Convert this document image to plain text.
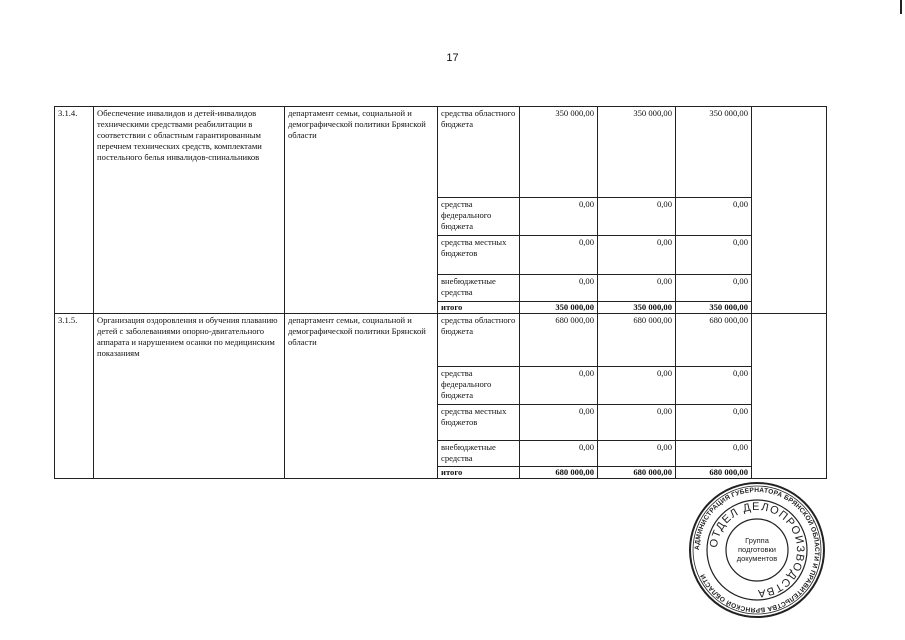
17
3.1.4.	Обеспечение инвалидов и детей-инвалидов техническими средствами реабилитации в соответствии с областным гарантированным перечнем технических средств, комплектами постельного белья инвалидов-спинальников	департамент семьи, социальной и демографической политики Брянской области	средства областного бюджета	350 000,00	350 000,00	350 000,00	
			средства федерального бюджета	0,00	0,00	0,00	
			средства местных бюджетов	0,00	0,00	0,00	
			внебюджетные средства	0,00	0,00	0,00	
			итого	350 000,00	350 000,00	350 000,00	
3.1.5.	Организация оздоровления и обучения плаванию детей с заболеваниями опорно-двигательного аппарата и нарушением осанки по медицинским показаниям	департамент семьи, социальной и демографической политики Брянской области	средства областного бюджета	680 000,00	680 000,00	680 000,00	
			средства федерального бюджета	0,00	0,00	0,00	
			средства местных бюджетов	0,00	0,00	0,00	
			внебюджетные средства	0,00	0,00	0,00	
			итого	680 000,00	680 000,00	680 000,00	
АДМИНИСТРАЦИЯ ГУБЕРНАТОРА БРЯНСКОЙ ОБЛАСТИ И ПРАВИТЕЛЬСТВА БРЯНСКОЙ ОБЛАСТИ
ОТДЕЛ ДЕЛОПРОИЗВОДСТВА
Группа
подготовки
документов
